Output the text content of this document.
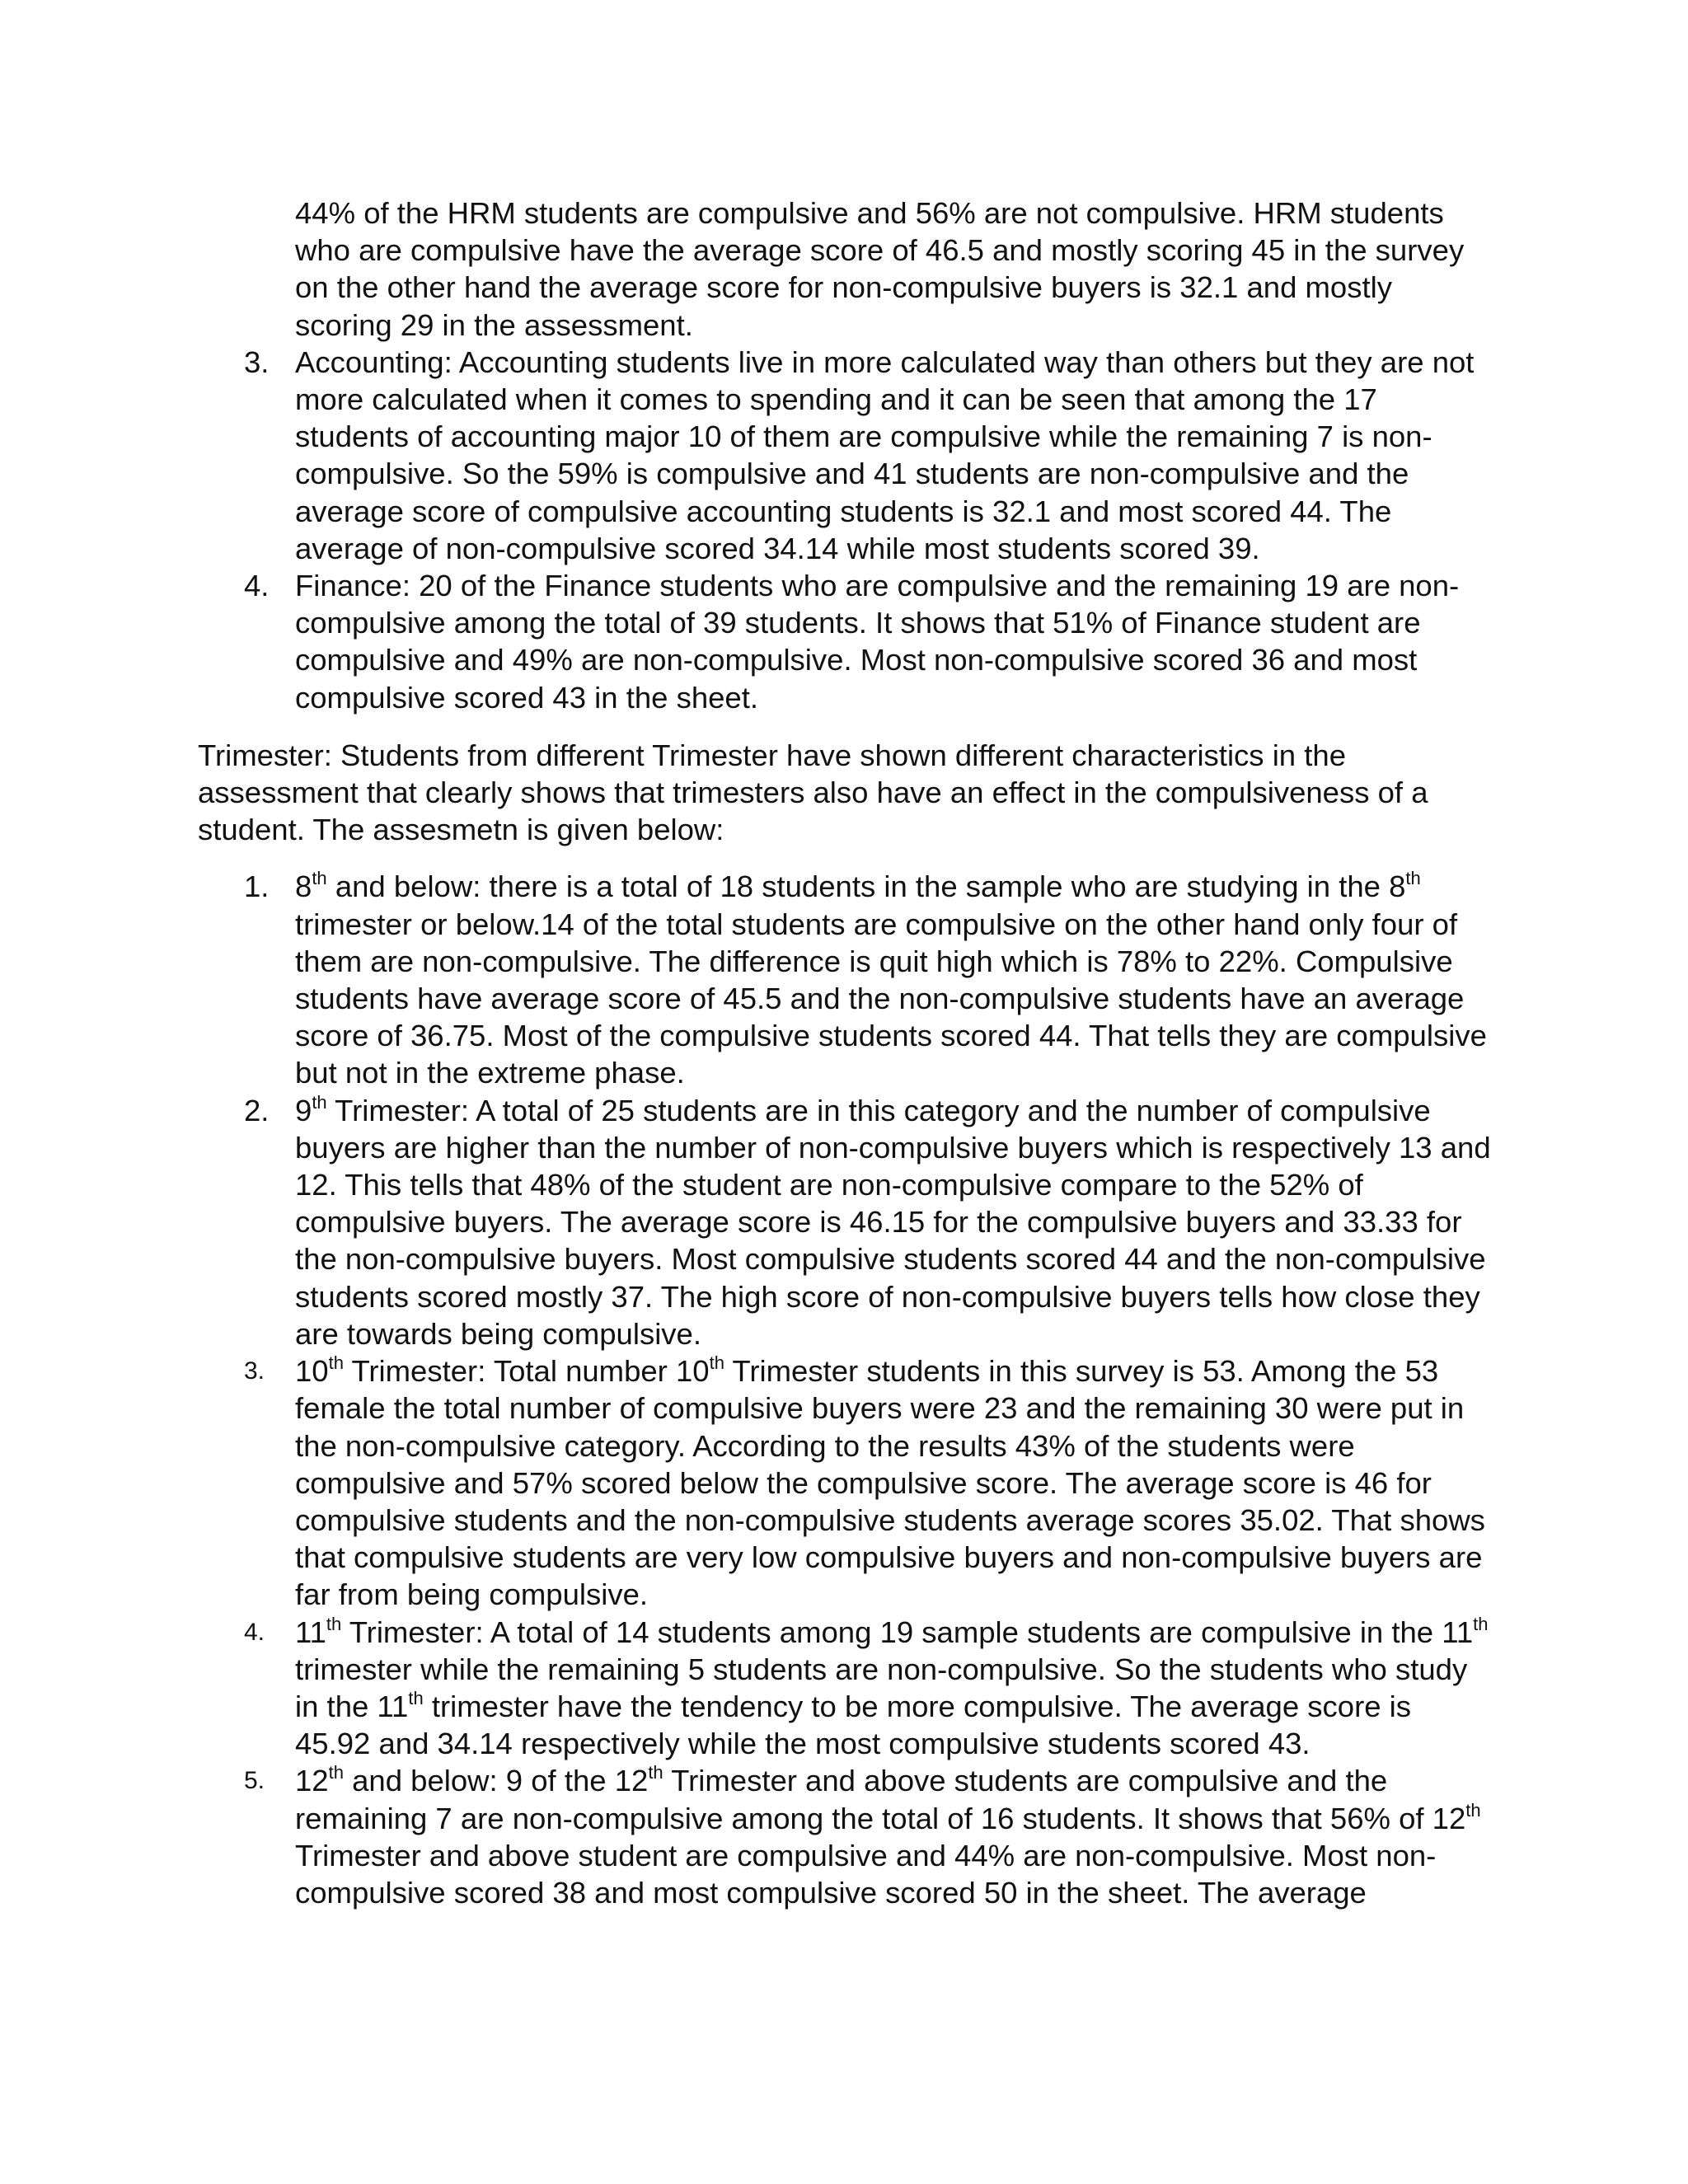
44% of the HRM students are compulsive and 56% are not compulsive. HRM students who are compulsive have the average score of 46.5 and mostly scoring 45 in the survey on the other hand the average score for non-compulsive buyers is 32.1 and mostly scoring 29 in the assessment.

3. Accounting: Accounting students live in more calculated way than others but they are not more calculated when it comes to spending and it can be seen that among the 17 students of accounting major 10 of them are compulsive while the remaining 7 is non-compulsive. So the 59% is compulsive and 41 students are non-compulsive and the average score of compulsive accounting students is 32.1 and most scored 44. The average of non-compulsive scored 34.14 while most students scored 39.
4. Finance: 20 of the Finance students who are compulsive and the remaining 19 are non-compulsive among the total of 39 students. It shows that 51% of Finance student are compulsive and 49% are non-compulsive. Most non-compulsive scored 36 and most compulsive scored 43 in the sheet.

Trimester: Students from different Trimester have shown different characteristics in the assessment that clearly shows that trimesters also have an effect in the compulsiveness of a student. The assesmetn is given below:

1. 8th and below: there is a total of 18 students in the sample who are studying in the 8th trimester or below.14 of the total students are compulsive on the other hand only four of them are non-compulsive. The difference is quit high which is 78% to 22%. Compulsive students have average score of 45.5 and the non-compulsive students have an average score of 36.75. Most of the compulsive students scored 44. That tells they are compulsive but not in the extreme phase.
2. 9th Trimester: A total of 25 students are in this category and the number of compulsive buyers are higher than the number of non-compulsive buyers which is respectively 13 and 12. This tells that 48% of the student are non-compulsive compare to the 52% of compulsive buyers. The average score is 46.15 for the compulsive buyers and 33.33 for the non-compulsive buyers. Most compulsive students scored 44 and the non-compulsive students scored mostly 37. The high score of non-compulsive buyers tells how close they are towards being compulsive.
3. 10th Trimester: Total number 10th Trimester students in this survey is 53. Among the 53 female the total number of compulsive buyers were 23 and the remaining 30 were put in the non-compulsive category. According to the results 43% of the students were compulsive and 57% scored below the compulsive score. The average score is 46 for compulsive students and the non-compulsive students average scores 35.02. That shows that compulsive students are very low compulsive buyers and non-compulsive buyers are far from being compulsive.
4. 11th Trimester: A total of 14 students among 19 sample students are compulsive in the 11th trimester while the remaining 5 students are non-compulsive. So the students who study in the 11th trimester have the tendency to be more compulsive. The average score is 45.92 and 34.14 respectively while the most compulsive students scored 43.
5. 12th and below: 9 of the 12th Trimester and above students are compulsive and the remaining 7 are non-compulsive among the total of 16 students. It shows that 56% of 12th Trimester and above student are compulsive and 44% are non-compulsive. Most non-compulsive scored 38 and most compulsive scored 50 in the sheet. The average
